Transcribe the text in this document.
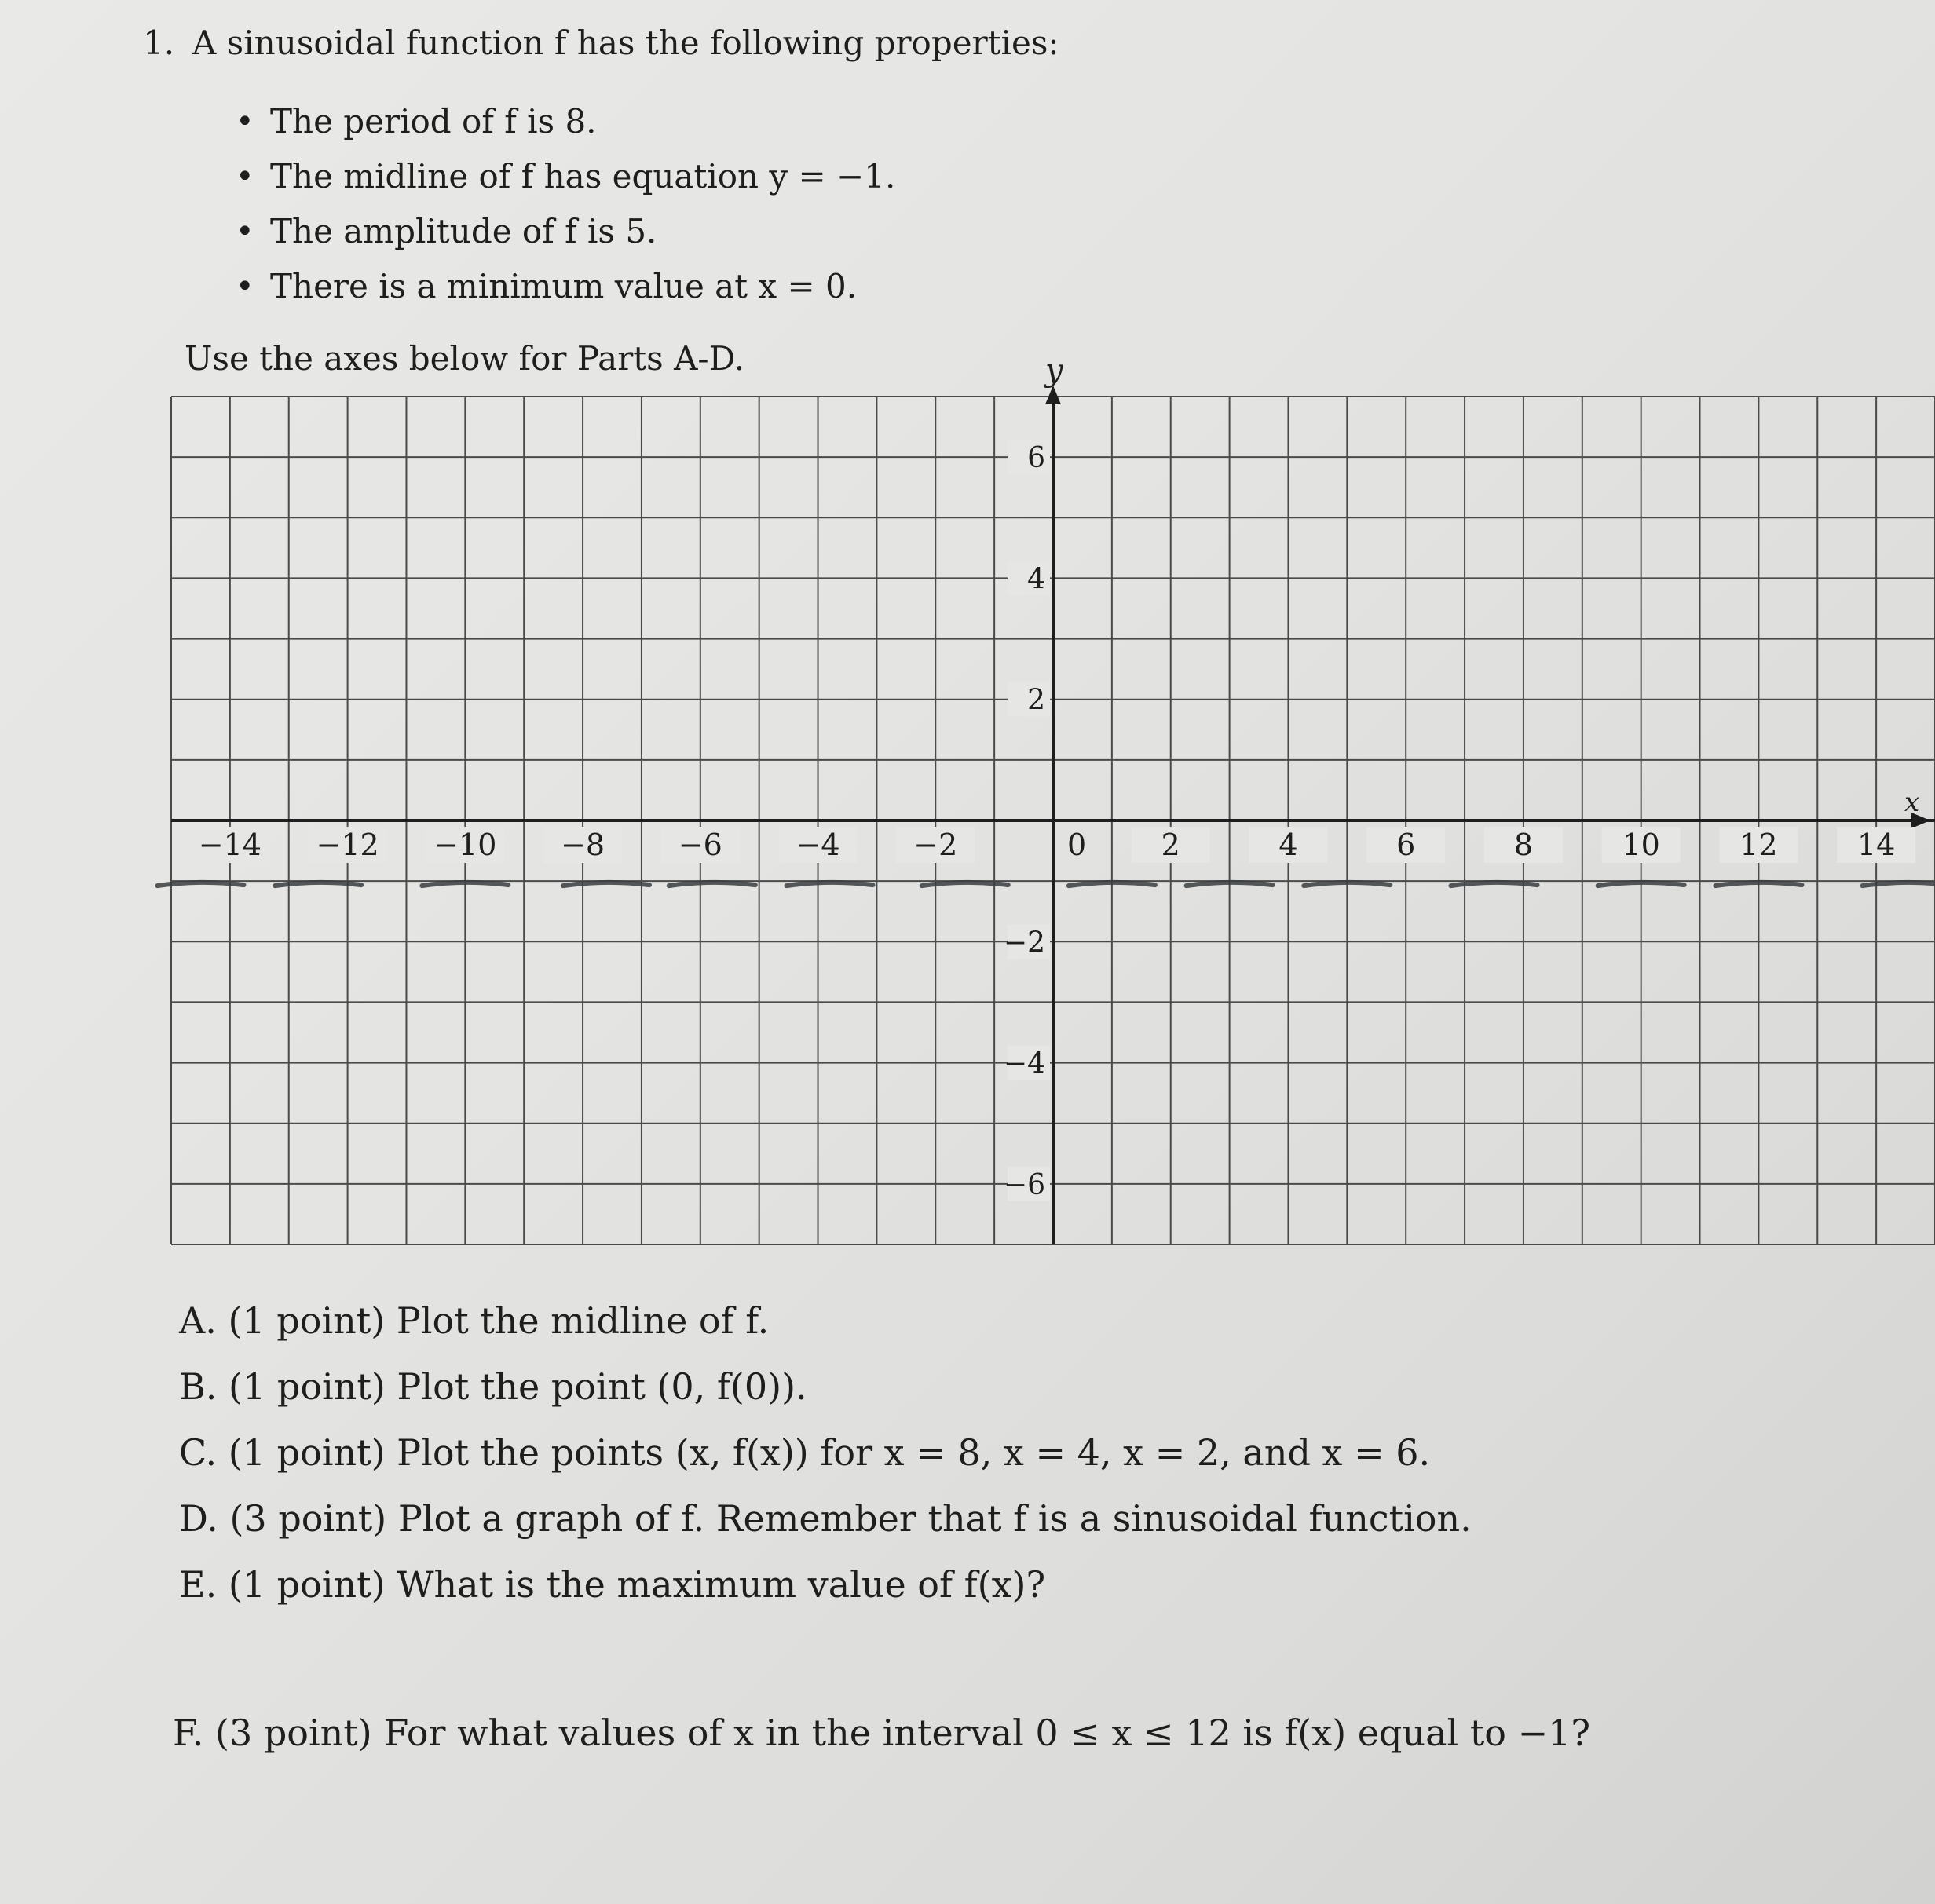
1. A sinusoidal function f has the following properties:
• The period of f is 8.
• The midline of f has equation y = −1.
• The amplitude of f is 5.
• There is a minimum value at x = 0.
Use the axes below for Parts A-D.
x
y
−14 −12 −10 −8 −6 −4 −2	0	2	4	6	8	10	12	14
6
4
2
−2
−4
−6
A. (1 point) Plot the midline of f.
B. (1 point) Plot the point (0, f(0)).
C. (1 point) Plot the points (x, f(x)) for x = 8, x = 4, x = 2, and x = 6.
D. (3 point) Plot a graph of f. Remember that f is a sinusoidal function.
E. (1 point) What is the maximum value of f(x)?
F. (3 point) For what values of x in the interval 0 ≤ x ≤ 12 is f(x) equal to −1?
